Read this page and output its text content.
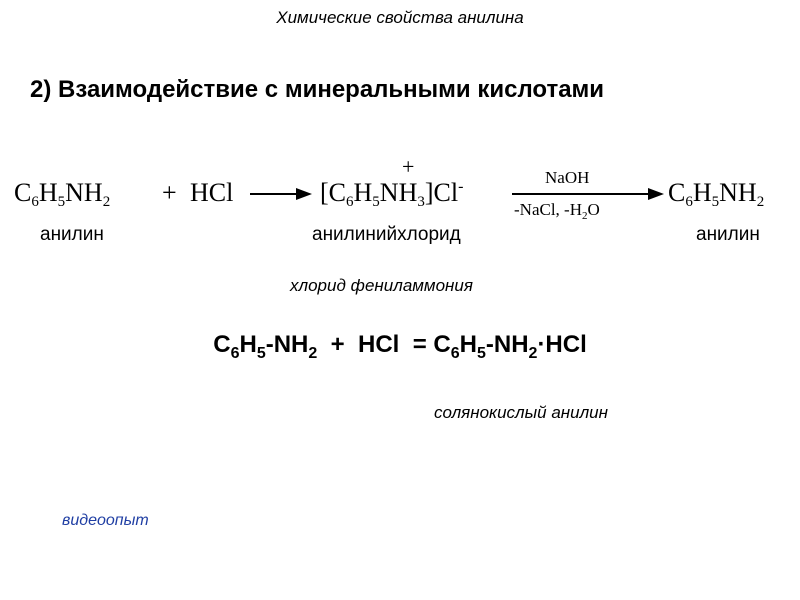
Химические свойства анилина
2) Взаимодействие с минеральными кислотами
$C_6H_5NH_2$ + HCl → $[C_6H_5NH_3]Cl^-$
+	NaOH
-NaCl, $-H_2O$
$C_6H_5NH_2$
анилин	анилинийхлорид	анилин
хлорид фениламмония
$C_6H_5-NH_2$ + HCl = $C_6H_5-NH_2\cdot HCl$
солянокислый анилин
видеоопыт
